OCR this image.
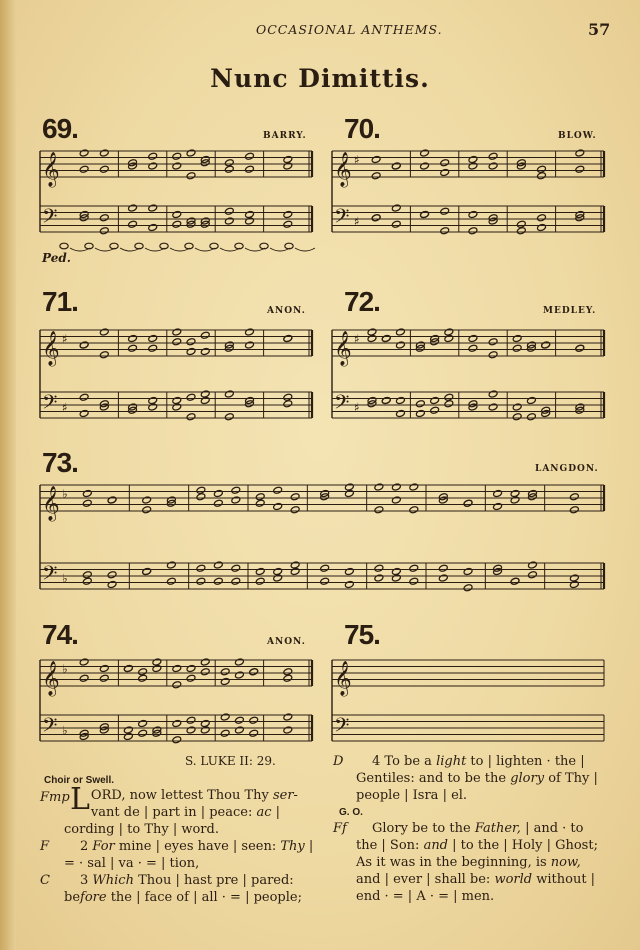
OCCASIONAL ANTHEMS.	57
Nunc Dimittis.
69.	BARRY. 70.	BLOW.
71.	ANON. 72.	MEDLEY.
73.	LANGDON.
74.	ANON. 75.
Ped.
𝄞
𝄢
𝄞
𝄢
♯
♯
𝄞
𝄢
♯
♯
𝄞
𝄢
♯
♯
𝄞
𝄢
♭
♭
𝄞
𝄢
♭
♭
𝄞
𝄢
S. LUKE II: 29.
Choir or Swell.
Fmp LORD, now lettest Thou Thy ser-
vant de | part in | peace: ac |
cording | to Thy | word.
F 2 For mine | eyes have | seen: Thy |
= · sal | va · = | tion,
C 3 Which Thou | hast pre | pared:
before the | face of | all · = | people;
D 4 To be a light to | lighten · the |
Gentiles: and to be the glory of Thy |
people | Isra | el.
G. O.
Ff Glory be to the Father, | and · to
the | Son: and | to the | Holy | Ghost;
As it was in the beginning, is now,
and | ever | shall be: world without |
end · = | A · = | men.
